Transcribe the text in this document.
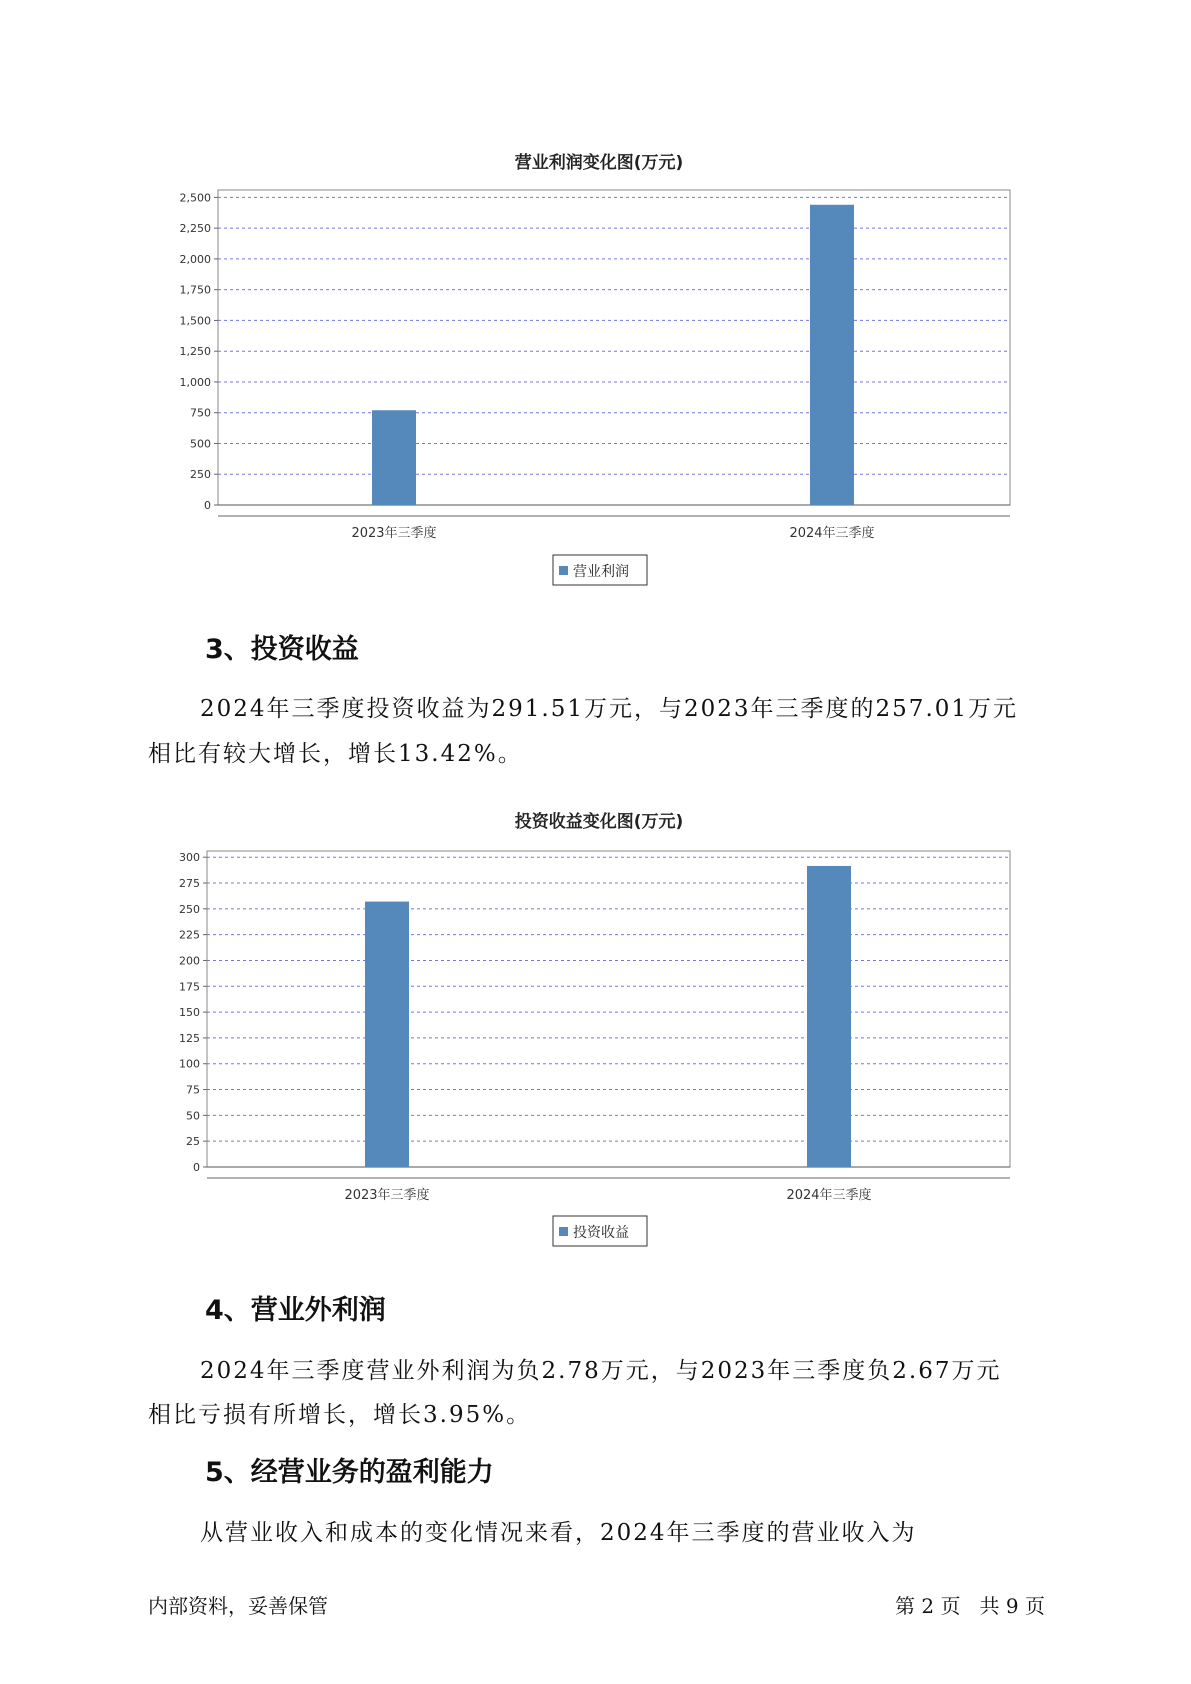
营业利润变化图(万元)
0
250
500
750
1,000
1,250
1,500
1,750
2,000
2,250
2,500
2023年三季度	2024年三季度
营业利润
3、投资收益

2024年三季度投资收益为291.51万元，与2023年三季度的257.01万元

相比有较大增长，增长13.42%。

投资收益变化图(万元)
0
25
50
75
100
125
150
175
200
225
250
275
300
2023年三季度	2024年三季度
投资收益
4、营业外利润

2024年三季度营业外利润为负2.78万元，与2023年三季度负2.67万元

相比亏损有所增长，增长3.95%。

5、经营业务的盈利能力

从营业收入和成本的变化情况来看，2024年三季度的营业收入为

内部资料，妥善保管	第 2 页   共 9 页
